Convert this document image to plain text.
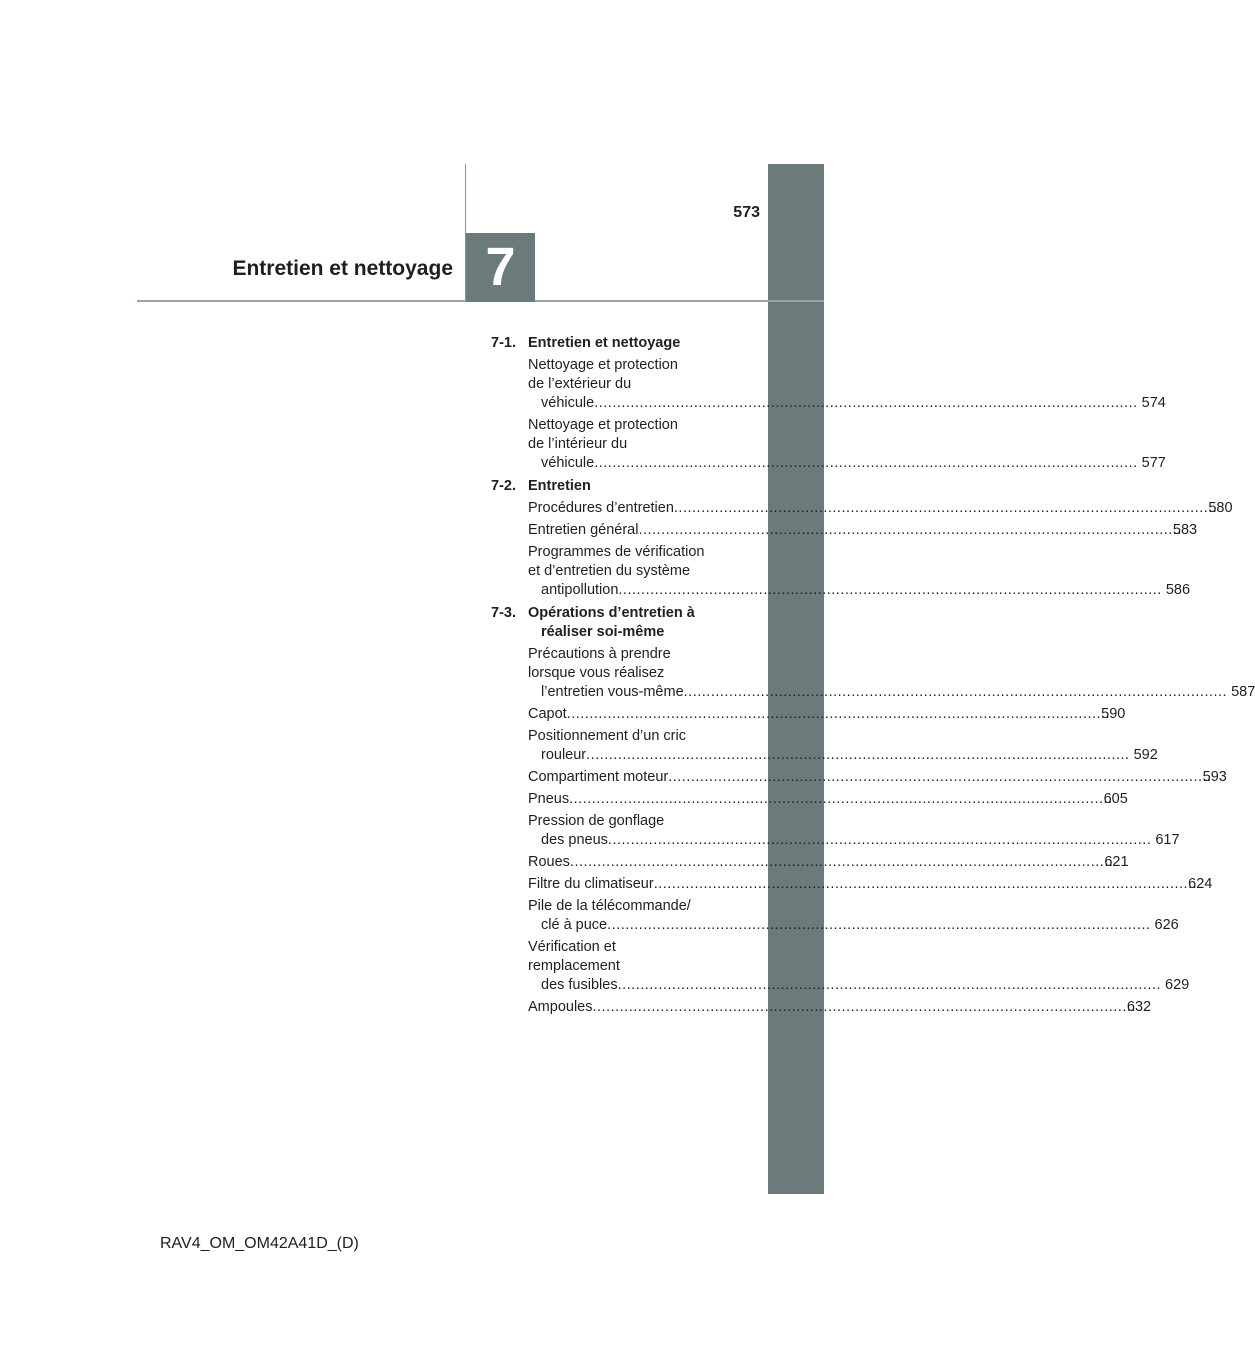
573
Entretien et nettoyage 7
7-1. Entretien et nettoyage
Nettoyage et protection
de l’extérieur du
véhicule .....	574
Nettoyage et protection
de l’intérieur du
véhicule .....	577
7-2. Entretien
Procédures d’entretien .....	580
Entretien général .....	583
Programmes de vérification
et d’entretien du système
antipollution .....	586
7-3. Opérations d’entretien à
réaliser soi-même
Précautions à prendre
lorsque vous réalisez
l’entretien vous-même .....	587
Capot .....	590
Positionnement d’un cric
rouleur .....	592
Compartiment moteur .....	593
Pneus .....	605
Pression de gonflage
des pneus .....	617
Roues .....	621
Filtre du climatiseur .....	624
Pile de la télécommande/
clé à puce .....	626
Vérification et
remplacement
des fusibles .....	629
Ampoules .....	632
RAV4_OM_OM42A41D_(D)
